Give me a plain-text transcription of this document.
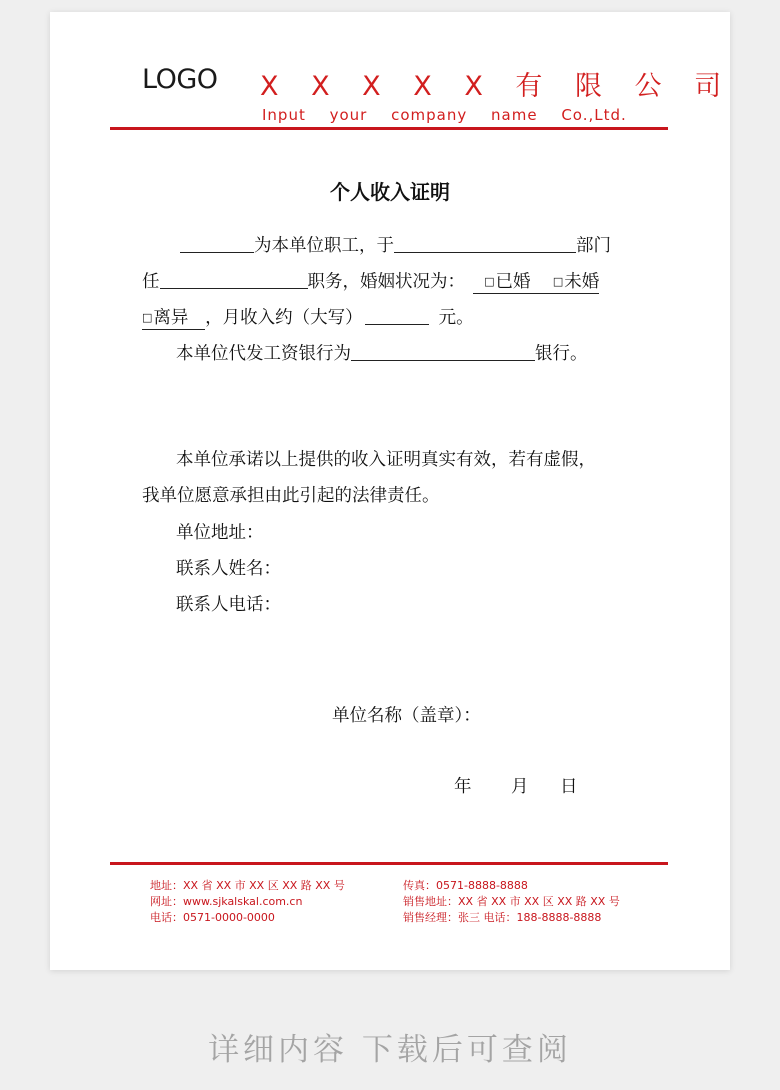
LOGO X X X X X 有 限 公 司
Input your company name Co.,Ltd.
个人收入证明
为本单位职工，于	部门
任	职务，婚姻状况为： □已婚 □未婚
□离异 ，月收入约（大写）	元。
本单位代发工资银行为	银行。
本单位承诺以上提供的收入证明真实有效，若有虚假，
我单位愿意承担由此引起的法律责任。
单位地址：
联系人姓名：
联系人电话：
单位名称（盖章）：
年 月 日
地址：XX 省 XX 市 XX 区 XX 路 XX 号
网址：www.sjkalskal.com.cn
电话：0571-0000-0000
传真：0571-8888-8888
销售地址：XX 省 XX 市 XX 区 XX 路 XX 号
销售经理：张三 电话：188-8888-8888
详细内容 下载后可查阅
